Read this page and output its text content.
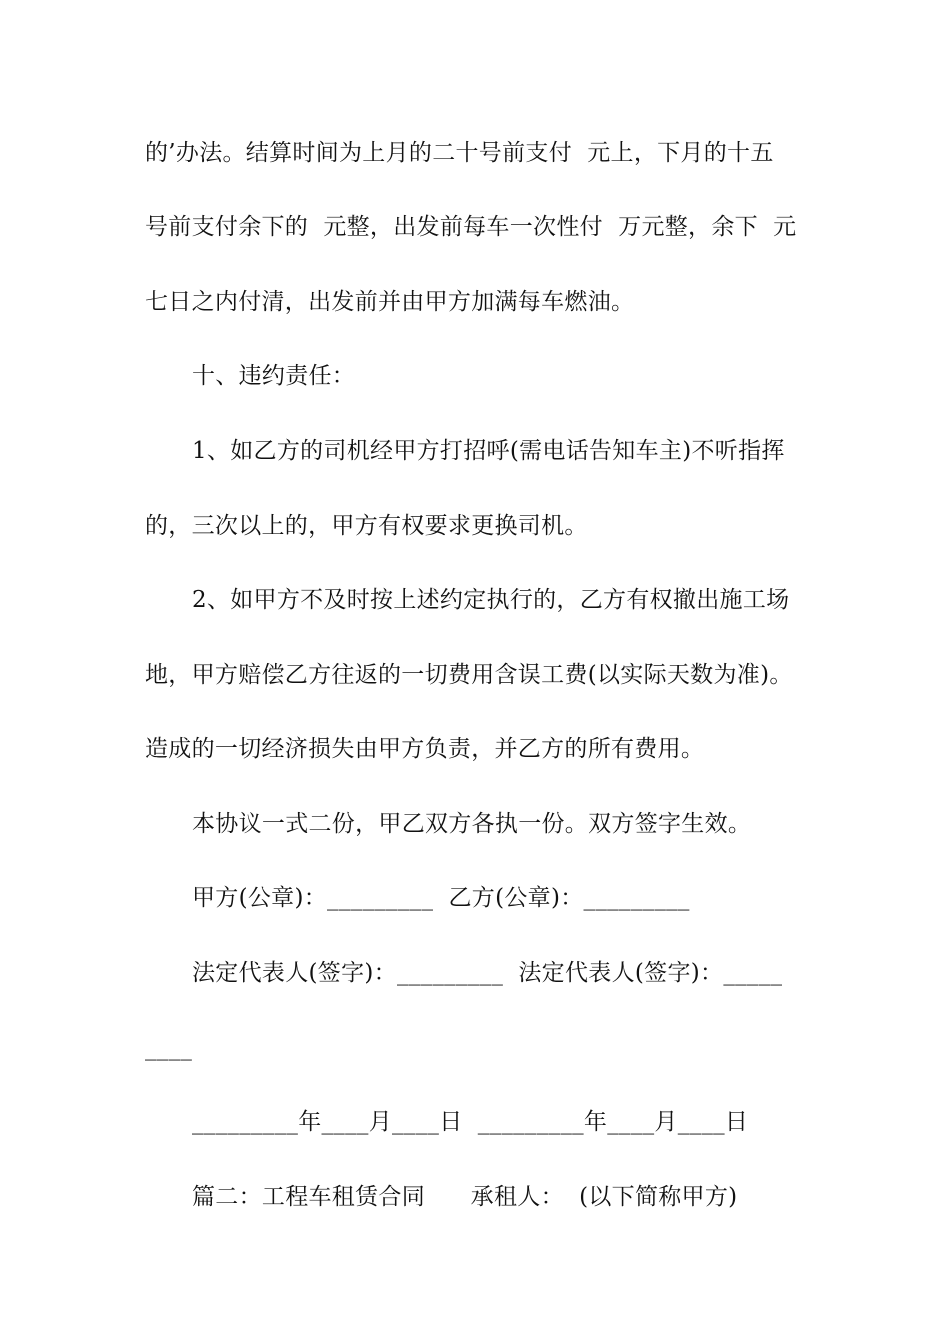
的’办法。结算时间为上月的二十号前支付  元上，下月的十五
号前支付余下的  元整，出发前每车一次性付  万元整，余下  元
七日之内付清，出发前并由甲方加满每车燃油。
十、违约责任：
1、如乙方的司机经甲方打招呼(需电话告知车主)不听指挥
的，三次以上的，甲方有权要求更换司机。
2、如甲方不及时按上述约定执行的，乙方有权撤出施工场
地，甲方赔偿乙方往返的一切费用含误工费(以实际天数为准)。
造成的一切经济损失由甲方负责，并乙方的所有费用。
本协议一式二份，甲乙双方各执一份。双方签字生效。
甲方(公章)：_________  乙方(公章)：_________
法定代表人(签字)：_________  法定代表人(签字)：_____
____
_________年____月____日  _________年____月____日
篇二：工程车租赁合同      承租人：  (以下简称甲方)
